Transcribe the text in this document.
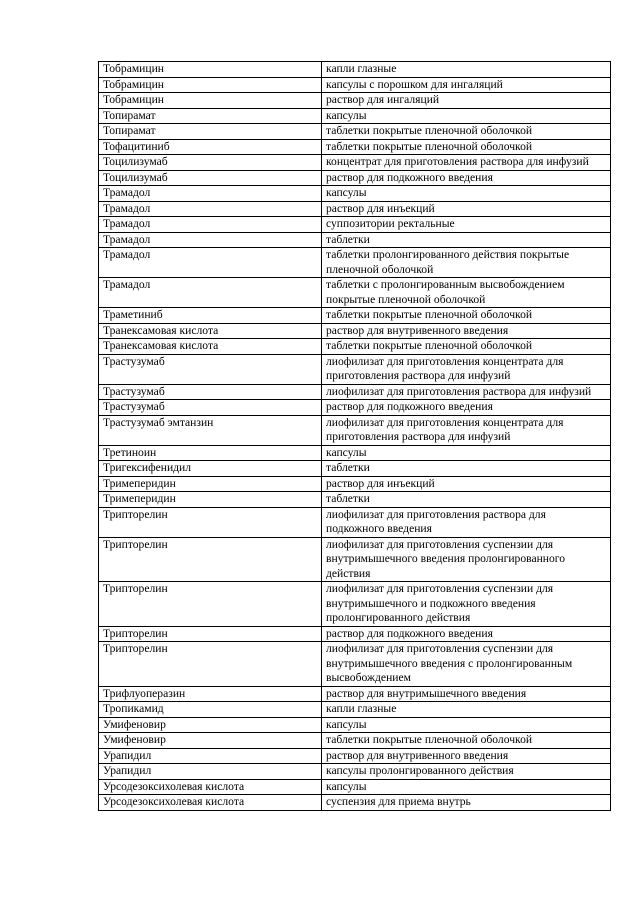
Тобрамицин	капли глазные
Тобрамицин	капсулы с порошком для ингаляций
Тобрамицин	раствор для ингаляций
Топирамат	капсулы
Топирамат	таблетки покрытые пленочной оболочкой
Тофацитиниб	таблетки покрытые пленочной оболочкой
Тоцилизумаб	концентрат для приготовления раствора для инфузий
Тоцилизумаб	раствор для подкожного введения
Трамадол	капсулы
Трамадол	раствор для инъекций
Трамадол	суппозитории ректальные
Трамадол	таблетки
Трамадол	таблетки пролонгированного действия покрытые пленочной оболочкой
Трамадол	таблетки с пролонгированным высвобождением покрытые пленочной оболочкой
Траметиниб	таблетки покрытые пленочной оболочкой
Транексамовая кислота	раствор для внутривенного введения
Транексамовая кислота	таблетки покрытые пленочной оболочкой
Трастузумаб	лиофилизат для приготовления концентрата для приготовления раствора для инфузий
Трастузумаб	лиофилизат для приготовления раствора для инфузий
Трастузумаб	раствор для подкожного введения
Трастузумаб эмтанзин	лиофилизат для приготовления концентрата для приготовления раствора для инфузий
Третиноин	капсулы
Тригексифенидил	таблетки
Тримеперидин	раствор для инъекций
Тримеперидин	таблетки
Трипторелин	лиофилизат для приготовления раствора для подкожного введения
Трипторелин	лиофилизат для приготовления суспензии для внутримышечного введения пролонгированного действия
Трипторелин	лиофилизат для приготовления суспензии для внутримышечного и подкожного введения пролонгированного действия
Трипторелин	раствор для подкожного введения
Трипторелин	лиофилизат для приготовления суспензии для внутримышечного введения с пролонгированным высвобождением
Трифлуоперазин	раствор для внутримышечного введения
Тропикамид	капли глазные
Умифеновир	капсулы
Умифеновир	таблетки покрытые пленочной оболочкой
Урапидил	раствор для внутривенного введения
Урапидил	капсулы пролонгированного действия
Урсодезоксихолевая кислота	капсулы
Урсодезоксихолевая кислота	суспензия для приема внутрь
